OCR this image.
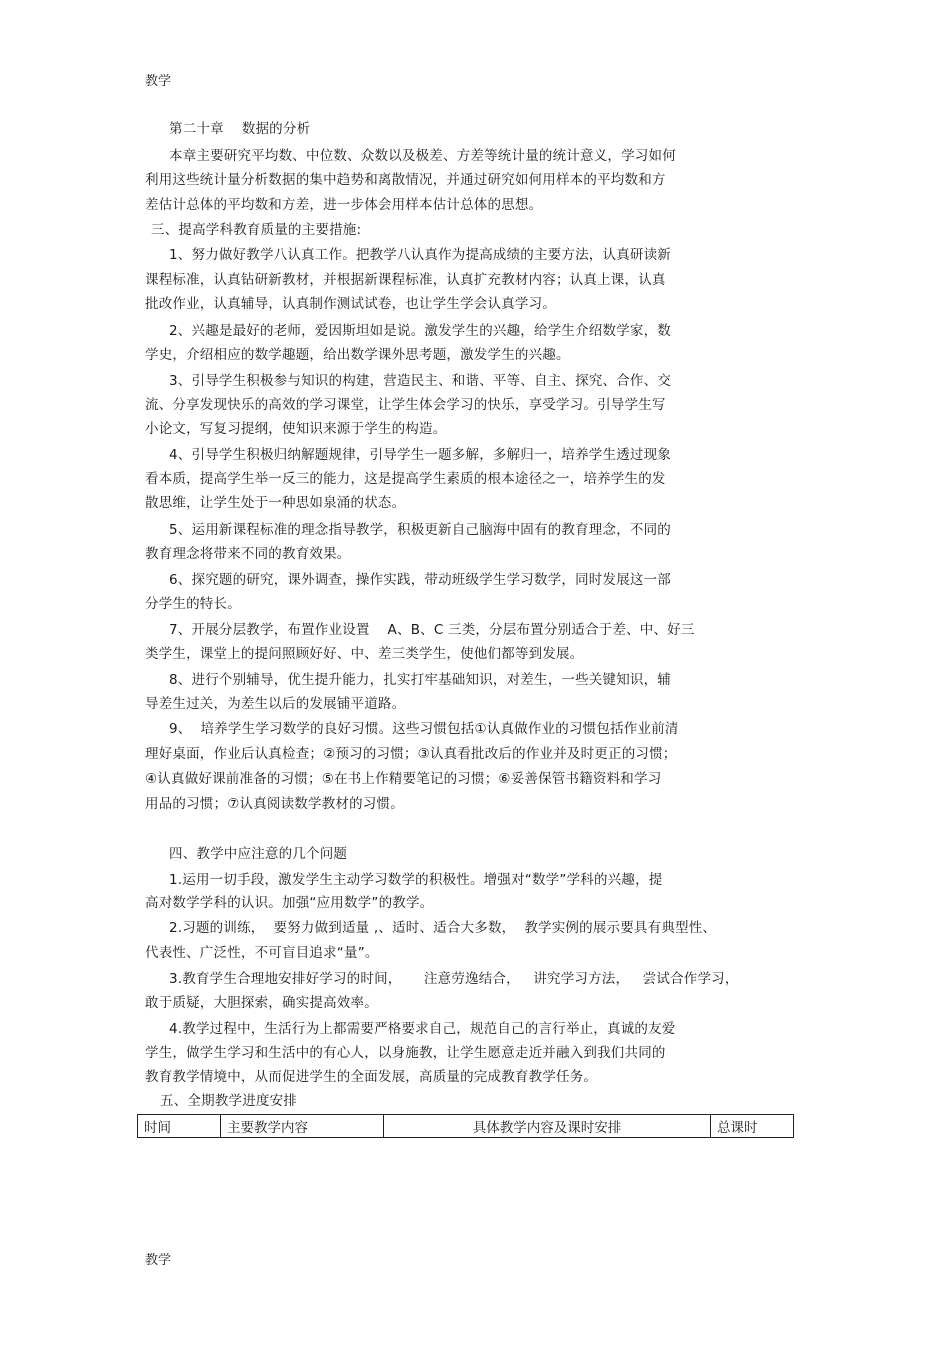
教学
第二十章    数据的分析
本章主要研究平均数、中位数、众数以及极差、方差等统计量的统计意义，学习如何
利用这些统计量分析数据的集中趋势和离散情况，并通过研究如何用样本的平均数和方
差估计总体的平均数和方差，进一步体会用样本估计总体的思想。
三、提高学科教育质量的主要措施:
1、努力做好教学八认真工作。把教学八认真作为提高成绩的主要方法，认真研读新
课程标准，认真钻研新教材，并根据新课程标准，认真扩充教材内容；认真上课，认真
批改作业，认真辅导，认真制作测试试卷，也让学生学会认真学习。
2、兴趣是最好的老师，爱因斯坦如是说。激发学生的兴趣，给学生介绍数学家，数
学史，介绍相应的数学趣题，给出数学课外思考题，激发学生的兴趣。
3、引导学生积极参与知识的构建，营造民主、和谐、平等、自主、探究、合作、交
流、分享发现快乐的高效的学习课堂，让学生体会学习的快乐，享受学习。引导学生写
小论文，写复习提纲，使知识来源于学生的构造。
4、引导学生积极归纳解题规律，引导学生一题多解，多解归一，培养学生透过现象
看本质，提高学生举一反三的能力，这是提高学生素质的根本途径之一，培养学生的发
散思维，让学生处于一种思如泉涌的状态。
5、运用新课程标准的理念指导教学，积极更新自己脑海中固有的教育理念，不同的
教育理念将带来不同的教育效果。
6、探究题的研究，课外调查，操作实践，带动班级学生学习数学，同时发展这一部
分学生的特长。
7、开展分层教学，布置作业设置    A、B、C 三类，分层布置分别适合于差、中、好三
类学生，课堂上的提问照顾好好、中、差三类学生，使他们都等到发展。
8、进行个别辅导，优生提升能力，扎实打牢基础知识，对差生，一些关键知识，辅
导差生过关，为差生以后的发展铺平道路。
9、  培养学生学习数学的良好习惯。这些习惯包括①认真做作业的习惯包括作业前清
理好桌面，作业后认真检查；②预习的习惯；③认真看批改后的作业并及时更正的习惯；
④认真做好课前准备的习惯；⑤在书上作精要笔记的习惯；⑥妥善保管书籍资料和学习
用品的习惯；⑦认真阅读数学教材的习惯。
四、教学中应注意的几个问题
1.运用一切手段，激发学生主动学习数学的积极性。增强对“数学”学科的兴趣，提
高对数学学科的认识。加强“应用数学”的教学。
2.习题的训练，  要努力做到适量 ,、适时、适合大多数，  教学实例的展示要具有典型性、
代表性、广泛性，不可盲目追求“量”。
3.教育学生合理地安排好学习的时间，     注意劳逸结合，   讲究学习方法，   尝试合作学习，
敢于质疑，大胆探索，确实提高效率。
4.教学过程中，生活行为上都需要严格要求自己，规范自己的言行举止，真诚的友爱
学生，做学生学习和生活中的有心人，以身施教，让学生愿意走近并融入到我们共同的
教育教学情境中，从而促进学生的全面发展，高质量的完成教育教学任务。
五、全期教学进度安排
时间	主要教学内容	具体教学内容及课时安排	总课时
教学
